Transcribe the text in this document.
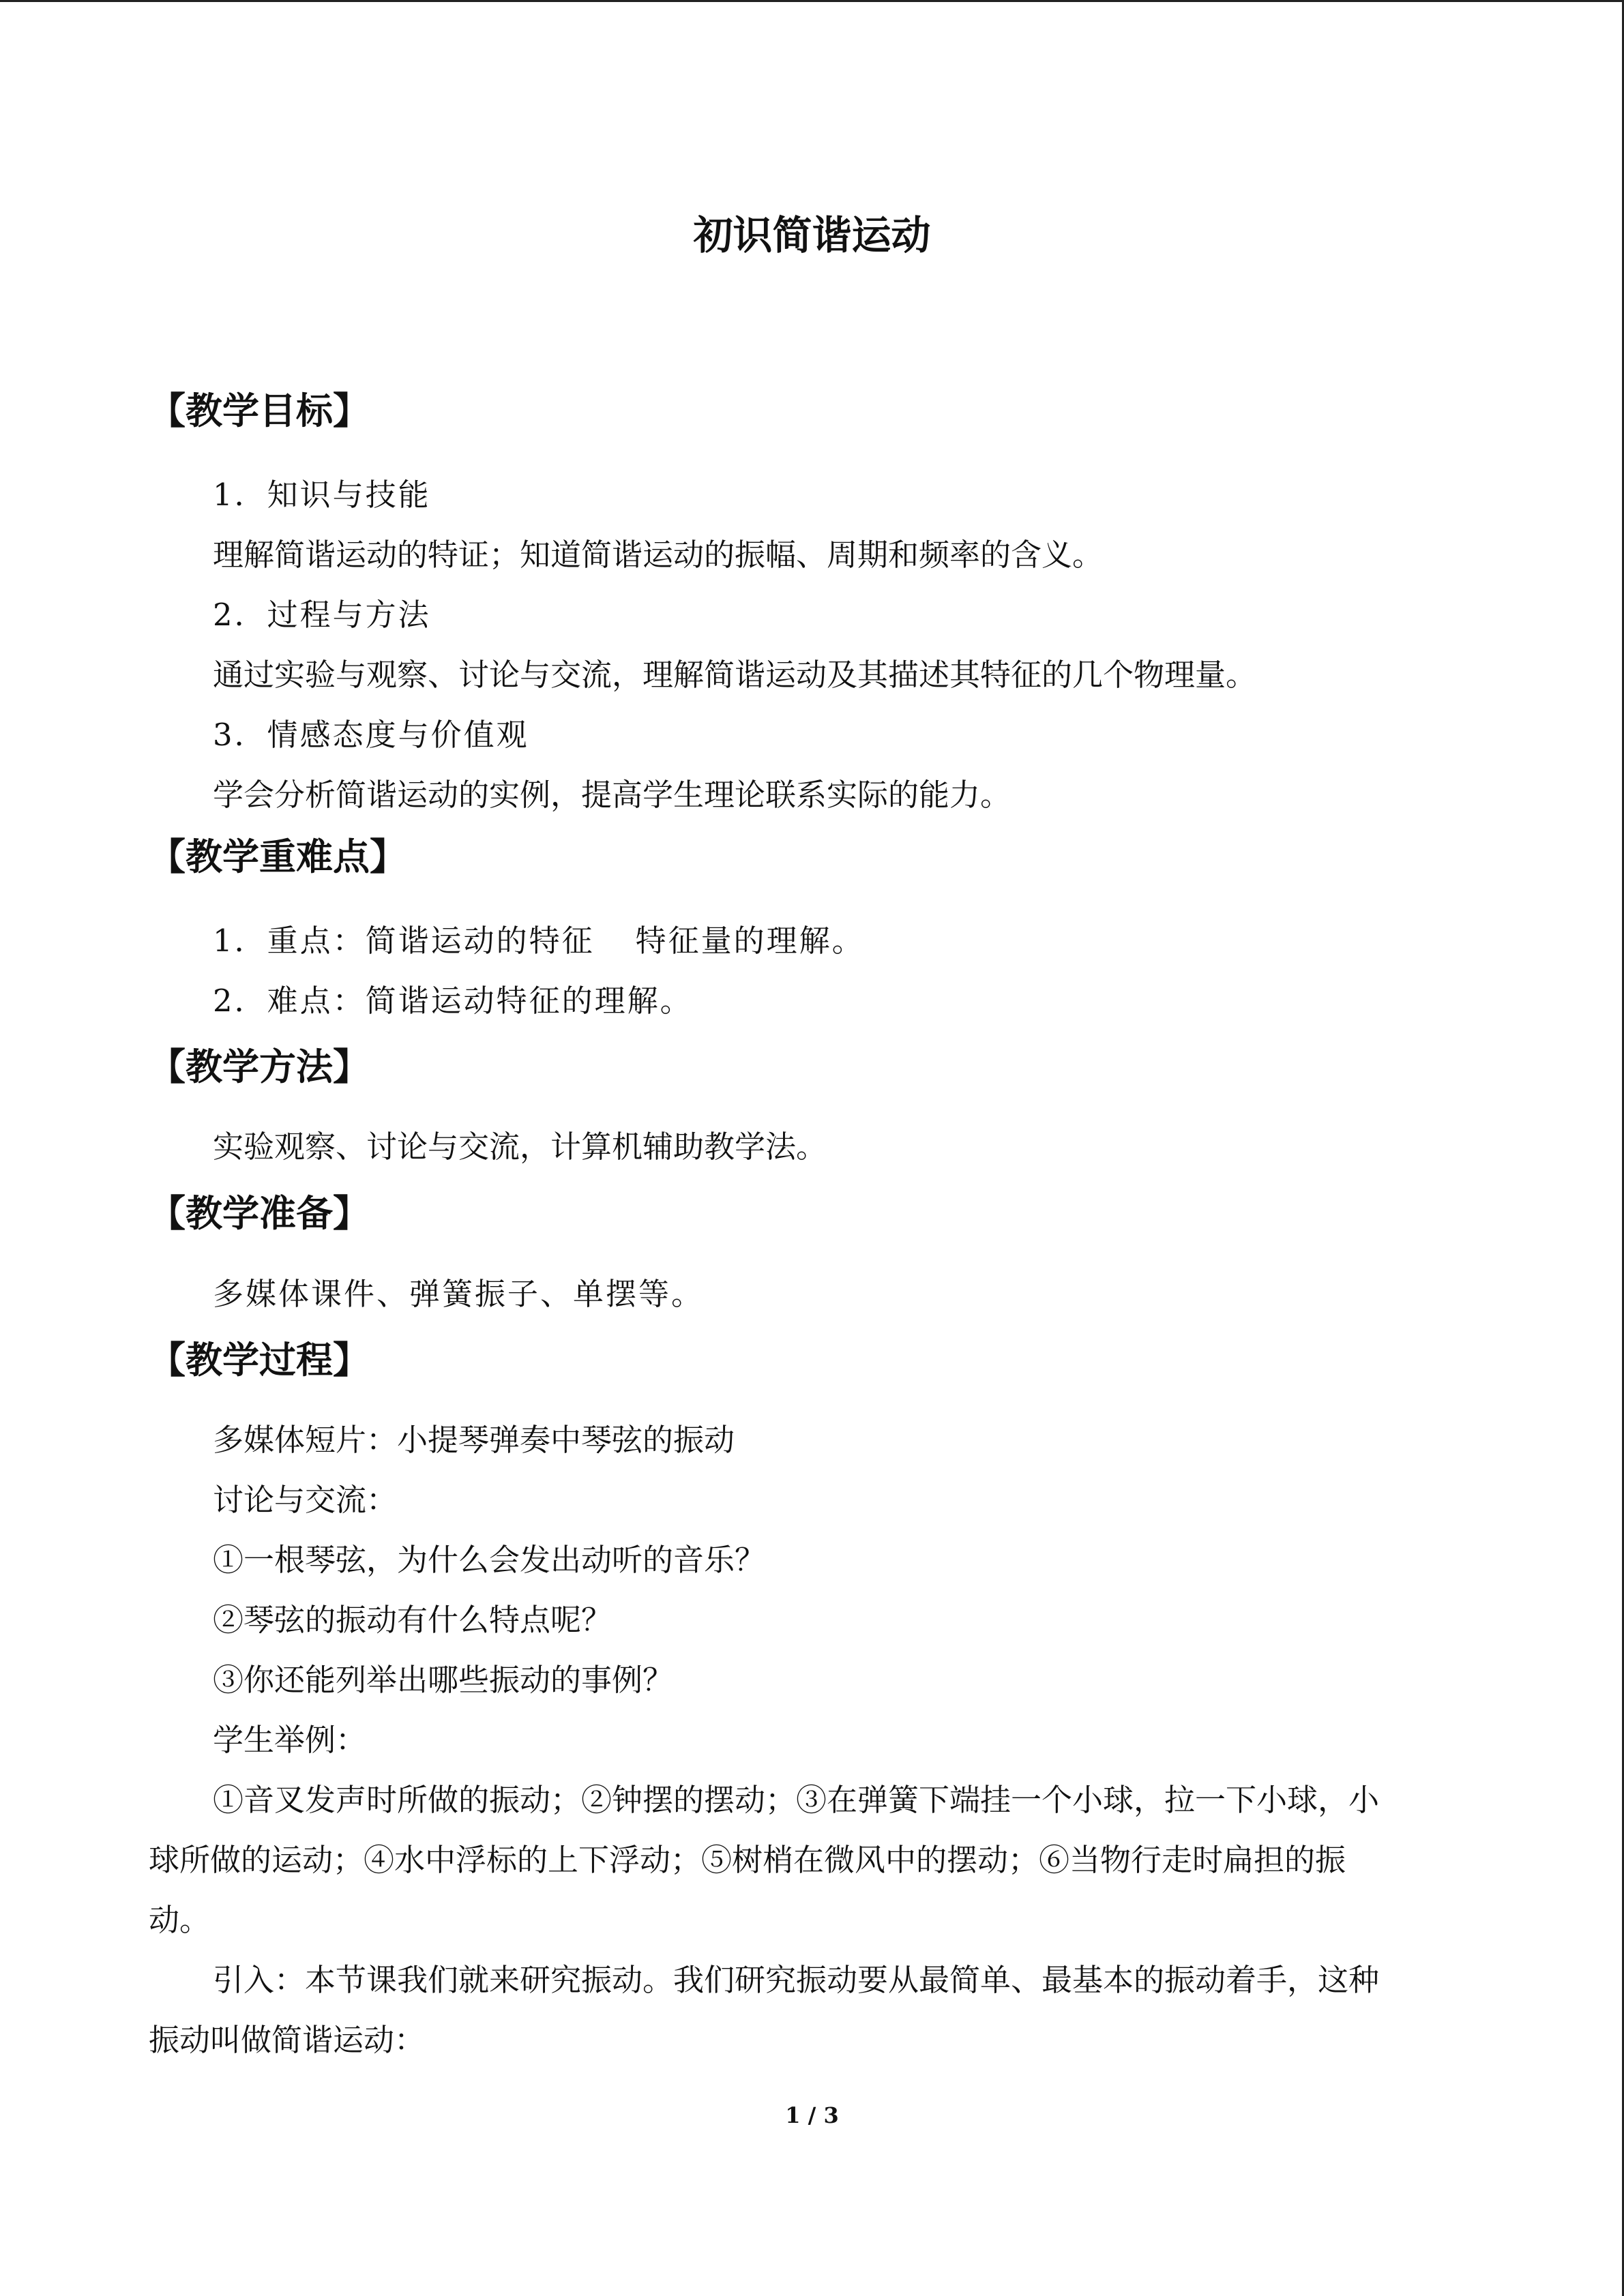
初识简谐运动

【教学目标】

1．知识与技能

理解简谐运动的特证；知道简谐运动的振幅、周期和频率的含义。

2．过程与方法

通过实验与观察、讨论与交流，理解简谐运动及其描述其特征的几个物理量。

3．情感态度与价值观

学会分析简谐运动的实例，提高学生理论联系实际的能力。

【教学重难点】

1．重点：简谐运动的特征 特征量的理解。

2．难点：简谐运动特征的理解。

【教学方法】

实验观察、讨论与交流，计算机辅助教学法。

【教学准备】

多媒体课件、弹簧振子、单摆等。

【教学过程】

多媒体短片：小提琴弹奏中琴弦的振动

讨论与交流：

①一根琴弦，为什么会发出动听的音乐？

②琴弦的振动有什么特点呢？

③你还能列举出哪些振动的事例？

学生举例：

①音叉发声时所做的振动；②钟摆的摆动；③在弹簧下端挂一个小球，拉一下小球，小

球所做的运动；④水中浮标的上下浮动；⑤树梢在微风中的摆动；⑥当物行走时扁担的振

动。

引入：本节课我们就来研究振动。我们研究振动要从最简单、最基本的振动着手，这种

振动叫做简谐运动：

1 / 3
